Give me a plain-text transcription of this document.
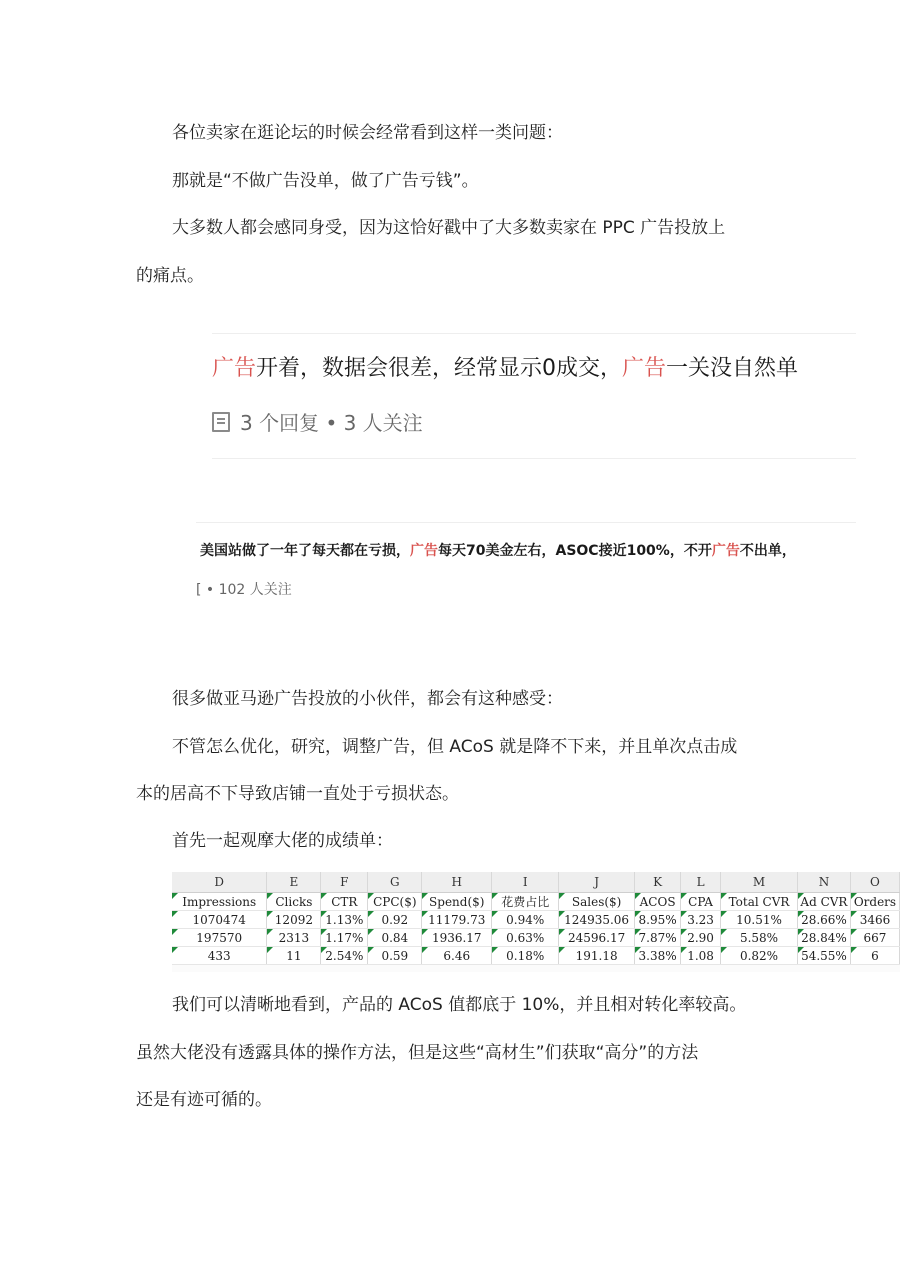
各位卖家在逛论坛的时候会经常看到这样一类问题：
那就是“不做广告没单，做了广告亏钱”。
大多数人都会感同身受，因为这恰好戳中了大多数卖家在 PPC 广告投放上
的痛点。
广告开着，数据会很差，经常显示0成交，广告一关没自然单
3 个回复 • 3 人关注
美国站做了一年了每天都在亏损，广告每天70美金左右，ASOC接近100%，不开广告不出单，
[ • 102 人关注
很多做亚马逊广告投放的小伙伴，都会有这种感受：
不管怎么优化，研究，调整广告，但 ACoS 就是降不下来，并且单次点击成
本的居高不下导致店铺一直处于亏损状态。
首先一起观摩大佬的成绩单：
D	E	F	G	H	I	J	K	L	M	N	O
Impressions	Clicks	CTR	CPC($)	Spend($)	花费占比	Sales($)	ACOS	CPA	Total CVR	Ad CVR	Orders
1070474	12092	1.13%	0.92	11179.73	0.94%	124935.06	8.95%	3.23	10.51%	28.66%	3466
197570	2313	1.17%	0.84	1936.17	0.63%	24596.17	7.87%	2.90	5.58%	28.84%	667
433	11	2.54%	0.59	6.46	0.18%	191.18	3.38%	1.08	0.82%	54.55%	6
我们可以清晰地看到，产品的 ACoS 值都底于 10%，并且相对转化率较高。
虽然大佬没有透露具体的操作方法，但是这些“高材生”们获取“高分”的方法
还是有迹可循的。
